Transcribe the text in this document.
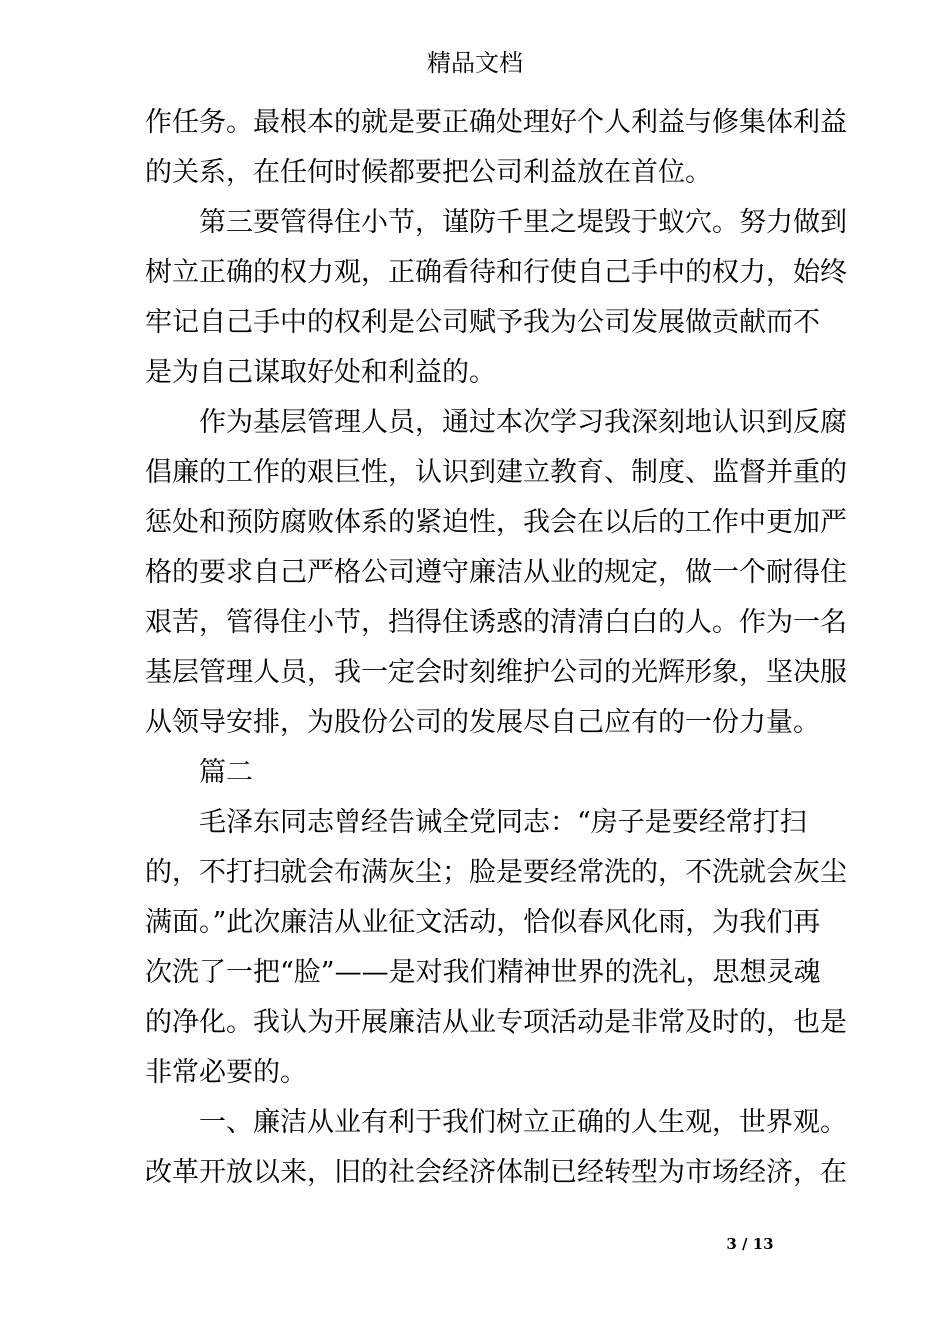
精品文档
作任务。最根本的就是要正确处理好个人利益与修集体利益
的关系，在任何时候都要把公司利益放在首位。
　　第三要管得住小节，谨防千里之堤毁于蚁穴。努力做到
树立正确的权力观，正确看待和行使自己手中的权力，始终
牢记自己手中的权利是公司赋予我为公司发展做贡献而不
是为自己谋取好处和利益的。
　　作为基层管理人员，通过本次学习我深刻地认识到反腐
倡廉的工作的艰巨性，认识到建立教育、制度、监督并重的
惩处和预防腐败体系的紧迫性，我会在以后的工作中更加严
格的要求自己严格公司遵守廉洁从业的规定，做一个耐得住
艰苦，管得住小节，挡得住诱惑的清清白白的人。作为一名
基层管理人员，我一定会时刻维护公司的光辉形象，坚决服
从领导安排，为股份公司的发展尽自己应有的一份力量。
　　篇二
　　毛泽东同志曾经告诫全党同志：“房子是要经常打扫
的，不打扫就会布满灰尘；脸是要经常洗的，不洗就会灰尘
满面。”此次廉洁从业征文活动，恰似春风化雨，为我们再
次洗了一把“脸”——是对我们精神世界的洗礼，思想灵魂
的净化。我认为开展廉洁从业专项活动是非常及时的，也是
非常必要的。
　　一、廉洁从业有利于我们树立正确的人生观，世界观。
改革开放以来，旧的社会经济体制已经转型为市场经济，在
3 / 13
